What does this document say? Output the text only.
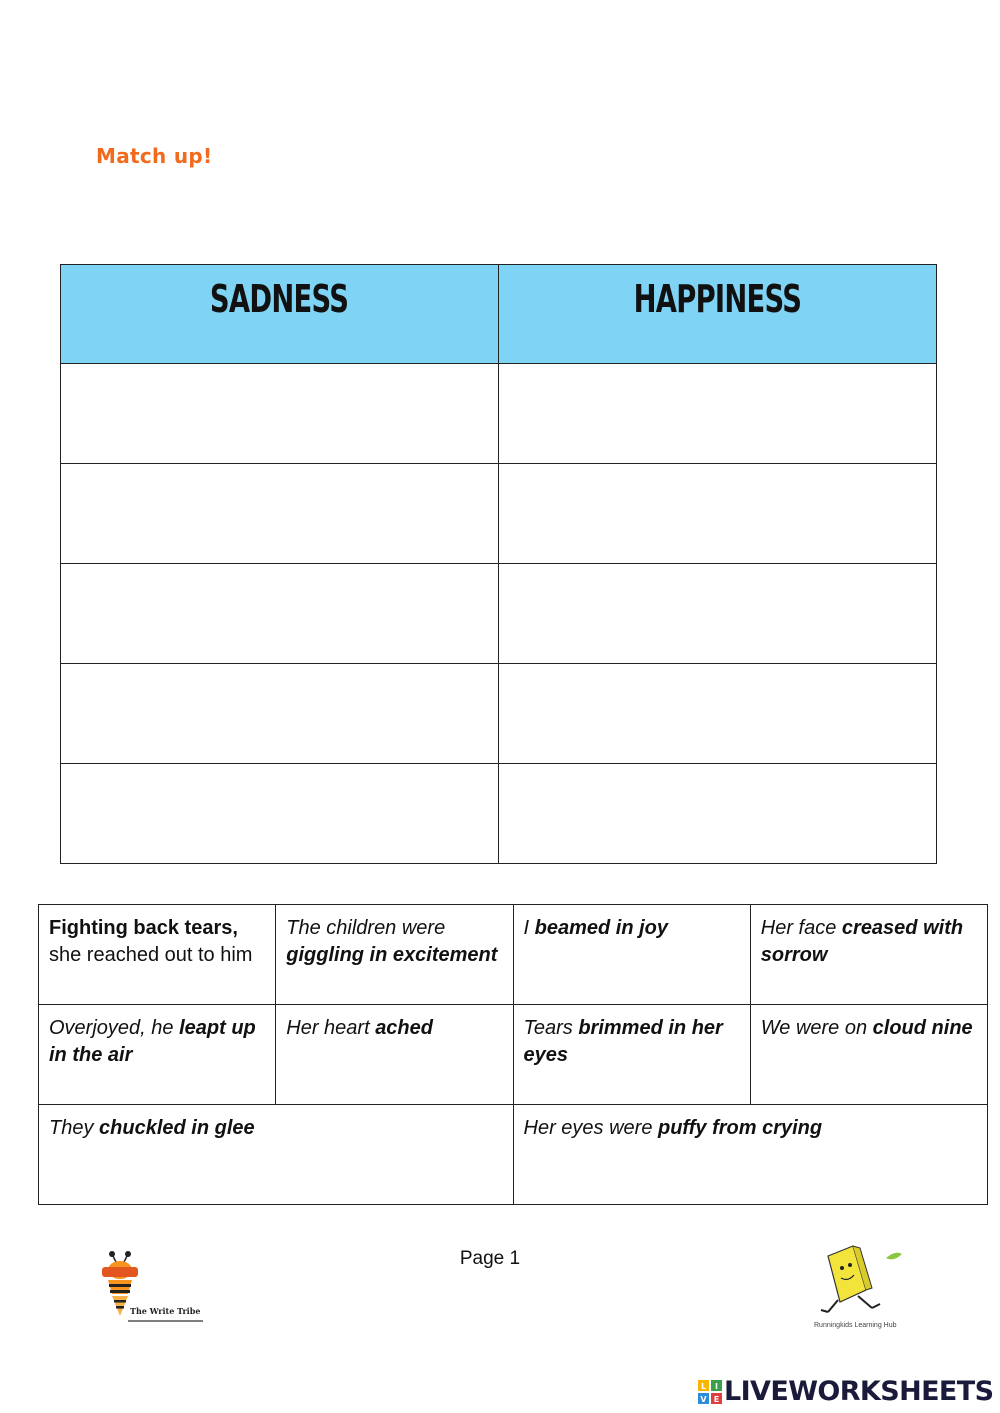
Match up!
SADNESS	HAPPINESS

Fighting back tears, she reached out to him	The children were giggling in excitement	I beamed in joy	Her face creased with sorrow
Overjoyed, he leapt up in the air	Her heart ached	Tears brimmed in her eyes	We were on cloud nine
They chuckled in glee		Her eyes were puffy from crying	
Page 1
The Write Tribe
Runningkids Learning Hub
L I
V E LIVEWORKSHEETS
